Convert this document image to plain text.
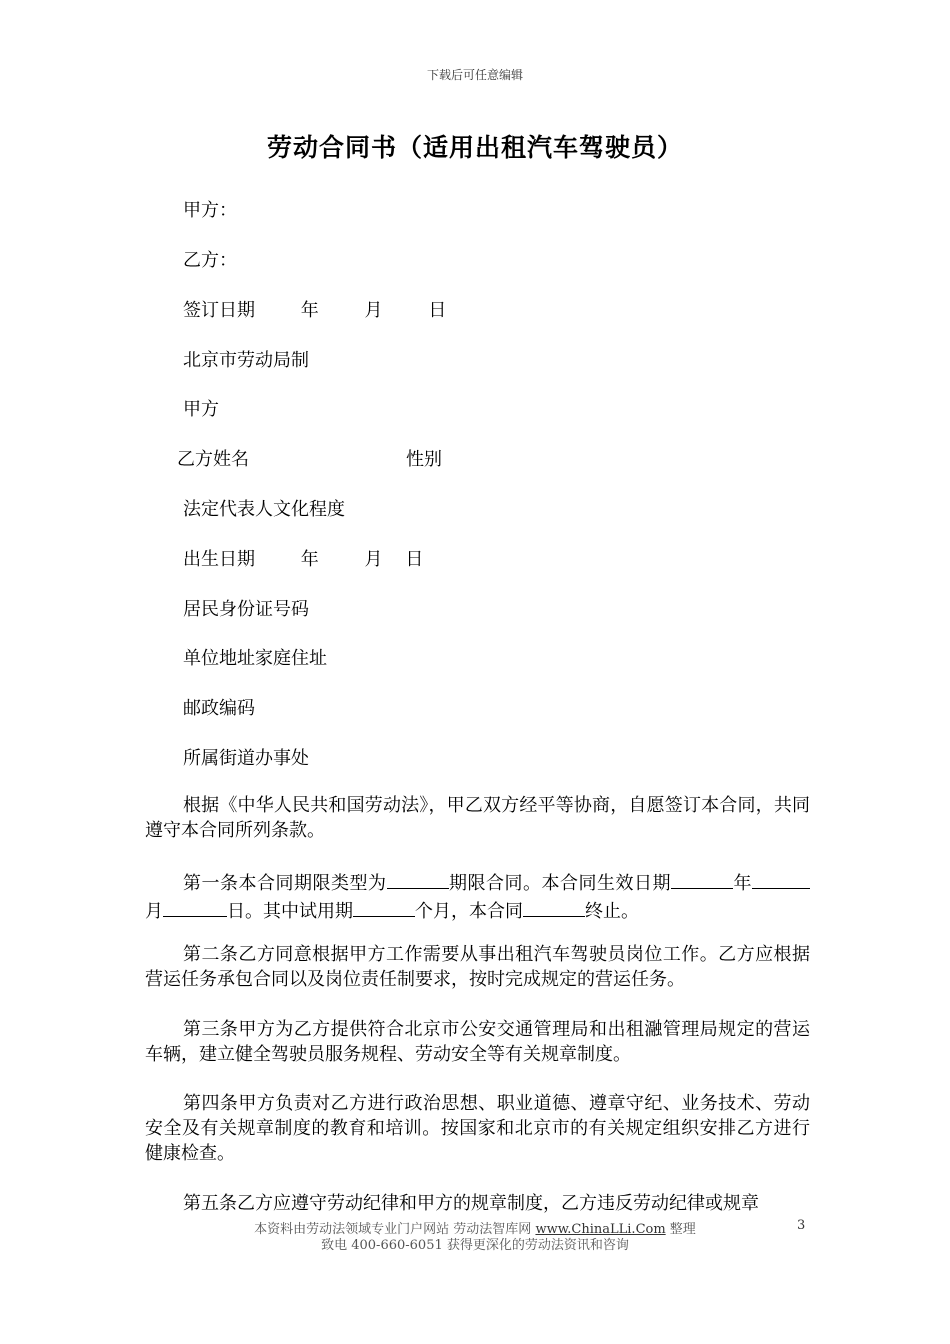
下载后可任意编辑
劳动合同书（适用出租汽车驾驶员）
甲方：
乙方：
签订日期        年        月        日
北京市劳动局制
甲方
乙方姓名	性别
法定代表人文化程度
出生日期        年        月    日
居民身份证号码
单位地址家庭住址
邮政编码
所属街道办事处
根据《中华人民共和国劳动法》，甲乙双方经平等协商，自愿签订本合同，共同遵守本合同所列条款。
第一条本合同期限类型为	期限合同。本合同生效日期	年月	日。其中试用期	个月，本合同	终止。
第二条乙方同意根据甲方工作需要从事出租汽车驾驶员岗位工作。乙方应根据营运任务承包合同以及岗位责任制要求，按时完成规定的营运任务。
第三条甲方为乙方提供符合北京市公安交通管理局和出租瀜管理局规定的营运车辆，建立健全驾驶员服务规程、劳动安全等有关规章制度。
第四条甲方负责对乙方进行政治思想、职业道德、遵章守纪、业务技术、劳动安全及有关规章制度的教育和培训。按国家和北京市的有关规定组织安排乙方进行健康检查。
第五条乙方应遵守劳动纪律和甲方的规章制度，乙方违反劳动纪律或规章
本资料由劳动法领域专业门户网站 劳动法智库网 www.ChinaLLi.Com 整理
致电 400-660-6051 获得更深化的劳动法资讯和咨询
3
